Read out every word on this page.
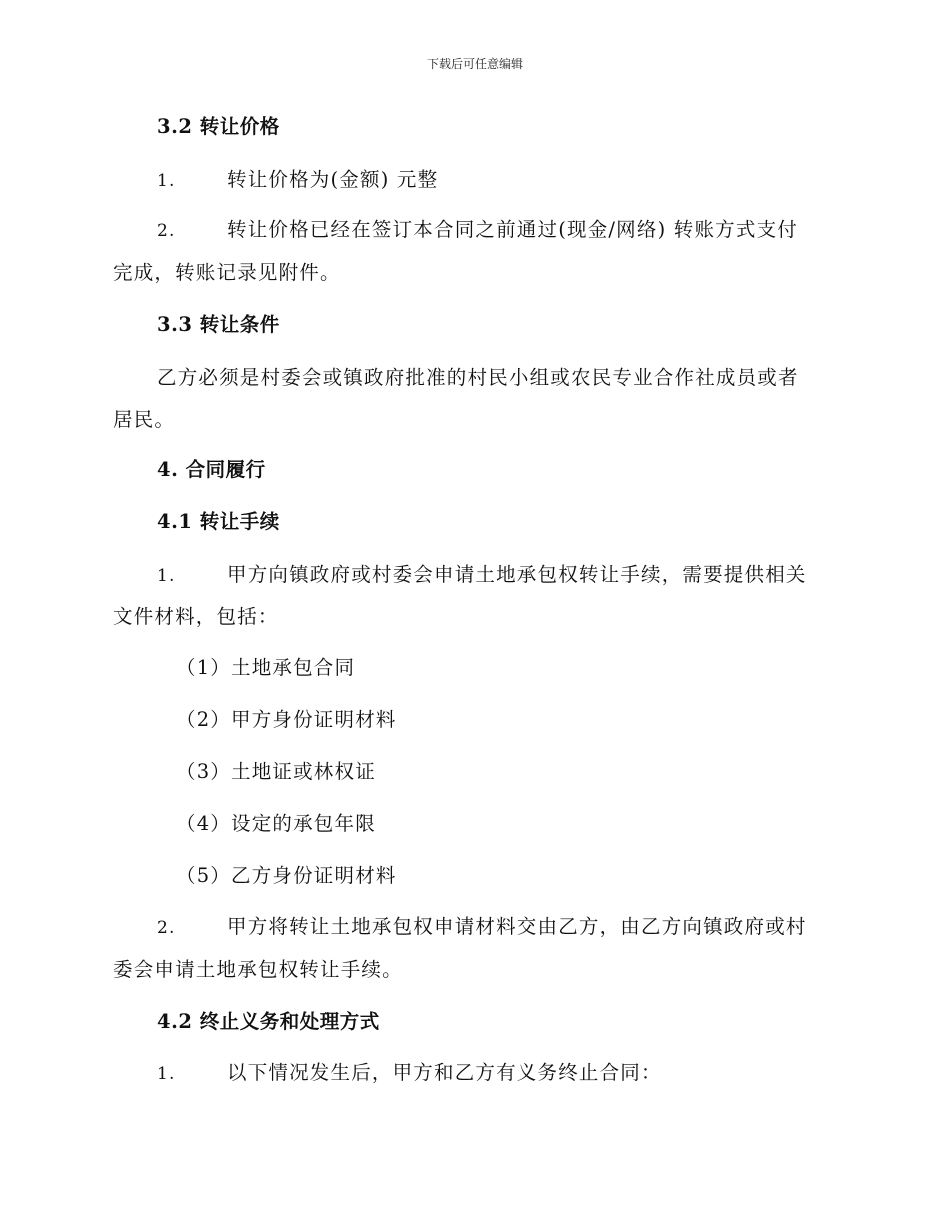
下载后可任意编辑
3.2 转让价格
1.	转让价格为(金额) 元整
2.	转让价格已经在签订本合同之前通过(现金/网络) 转账方式支付
完成，转账记录见附件。
3.3 转让条件
乙方必须是村委会或镇政府批准的村民小组或农民专业合作社成员或者
居民。
4. 合同履行
4.1 转让手续
1.	甲方向镇政府或村委会申请土地承包权转让手续，需要提供相关
文件材料，包括：
（1）土地承包合同
（2）甲方身份证明材料
（3）土地证或林权证
（4）设定的承包年限
（5）乙方身份证明材料
2.	甲方将转让土地承包权申请材料交由乙方，由乙方向镇政府或村
委会申请土地承包权转让手续。
4.2 终止义务和处理方式
1.	以下情况发生后，甲方和乙方有义务终止合同：
